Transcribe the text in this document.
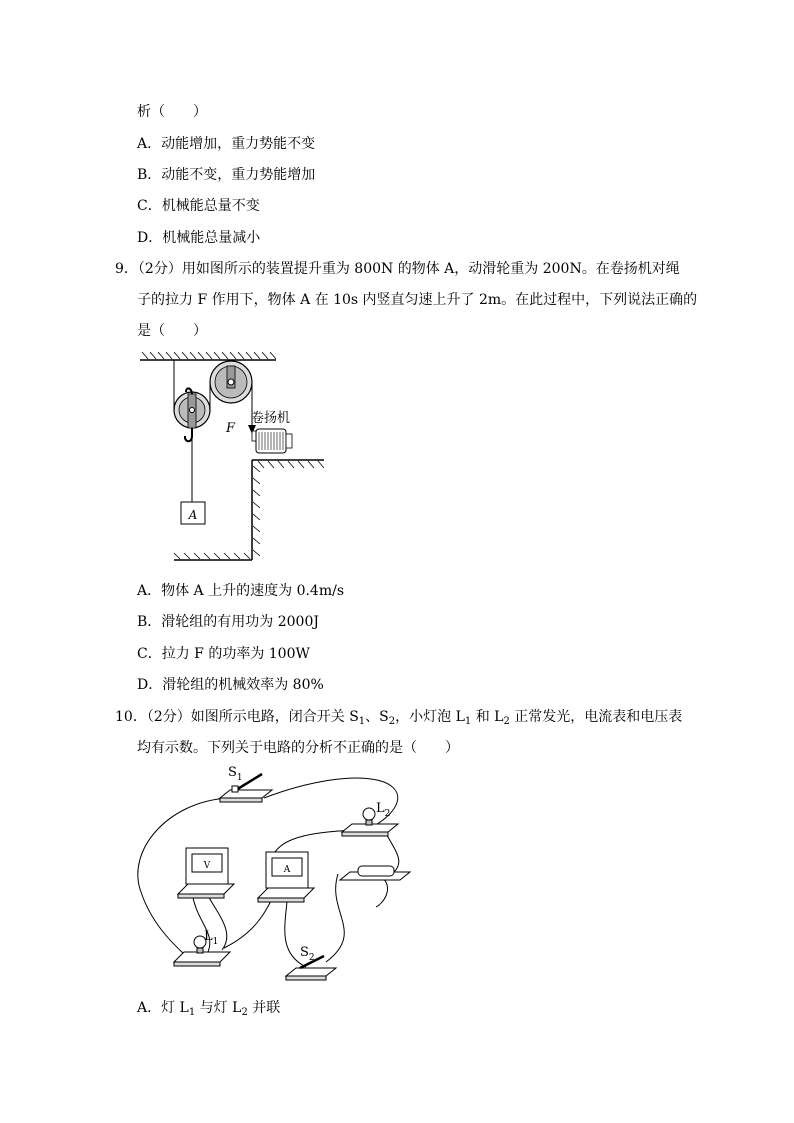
析（　　）
A．动能增加，重力势能不变
B．动能不变，重力势能增加
C．机械能总量不变
D．机械能总量减小
9．（2分）用如图所示的装置提升重为 800N 的物体 A，动滑轮重为 200N。在卷扬机对绳
子的拉力 F 作用下，物体 A 在 10s 内竖直匀速上升了 2m。在此过程中，下列说法正确的
是（　　）
A
F
卷扬机
A．物体 A 上升的速度为 0.4m/s
B．滑轮组的有用功为 2000J
C．拉力 F 的功率为 100W
D．滑轮组的机械效率为 80%
10．（2分）如图所示电路，闭合开关 $S_1$、$S_2$，小灯泡 $L_1$ 和 $L_2$ 正常发光，电流表和电压表
均有示数。下列关于电路的分析不正确的是（　　）
$S_1$
$L_2$
V	A
$L_1$
$S_2$
A．灯 $L_1$ 与灯 $L_2$ 并联
